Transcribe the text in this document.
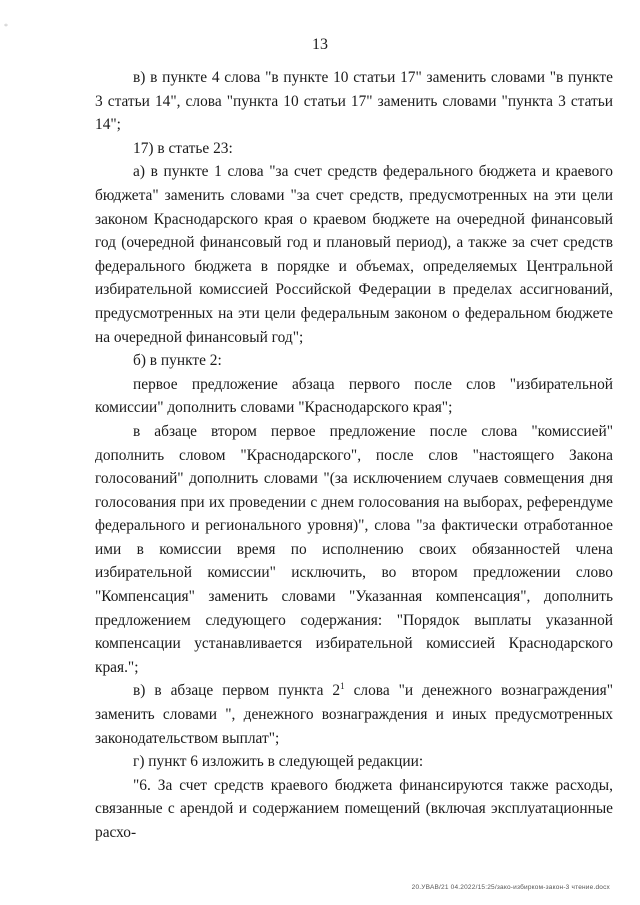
*
13

в) в пункте 4 слова "в пункте 10 статьи 17" заменить словами "в пункте 3 статьи 14", слова "пункта 10 статьи 17" заменить словами "пункта 3 статьи 14";

17) в статье 23:

а) в пункте 1 слова "за счет средств федерального бюджета и краевого бюджета" заменить словами "за счет средств, предусмотренных на эти цели законом Краснодарского края о краевом бюджете на очередной финансовый год (очередной финансовый год и плановый период), а также за счет средств федерального бюджета в порядке и объемах, определяемых Центральной избирательной комиссией Российской Федерации в пределах ассигнований, предусмотренных на эти цели федеральным законом о федеральном бюджете на очередной финансовый год";

б) в пункте 2:

первое предложение абзаца первого после слов "избирательной комиссии" дополнить словами "Краснодарского края";

в абзаце втором первое предложение после слова "комиссией" дополнить словом "Краснодарского", после слов "настоящего Закона голосований" дополнить словами "(за исключением случаев совмещения дня голосования при их проведении с днем голосования на выборах, референдуме федерального и регионального уровня)", слова "за фактически отработанное ими в комиссии время по исполнению своих обязанностей члена избирательной комиссии" исключить, во втором предложении слово "Компенсация" заменить словами "Указанная компенсация", дополнить предложением следующего содержания: "Порядок выплаты указанной компенсации устанавливается избирательной комиссией Краснодарского края.";

в) в абзаце первом пункта $2^1$ слова "и денежного вознаграждения" заменить словами ", денежного вознаграждения и иных предусмотренных законодательством выплат";

г) пункт 6 изложить в следующей редакции:

"6. За счет средств краевого бюджета финансируются также расходы, связанные с арендой и содержанием помещений (включая эксплуатационные расхо-

20.УВАВ/21 04.2022/15:25/зако-избирком-закон-3 чтение.docx
